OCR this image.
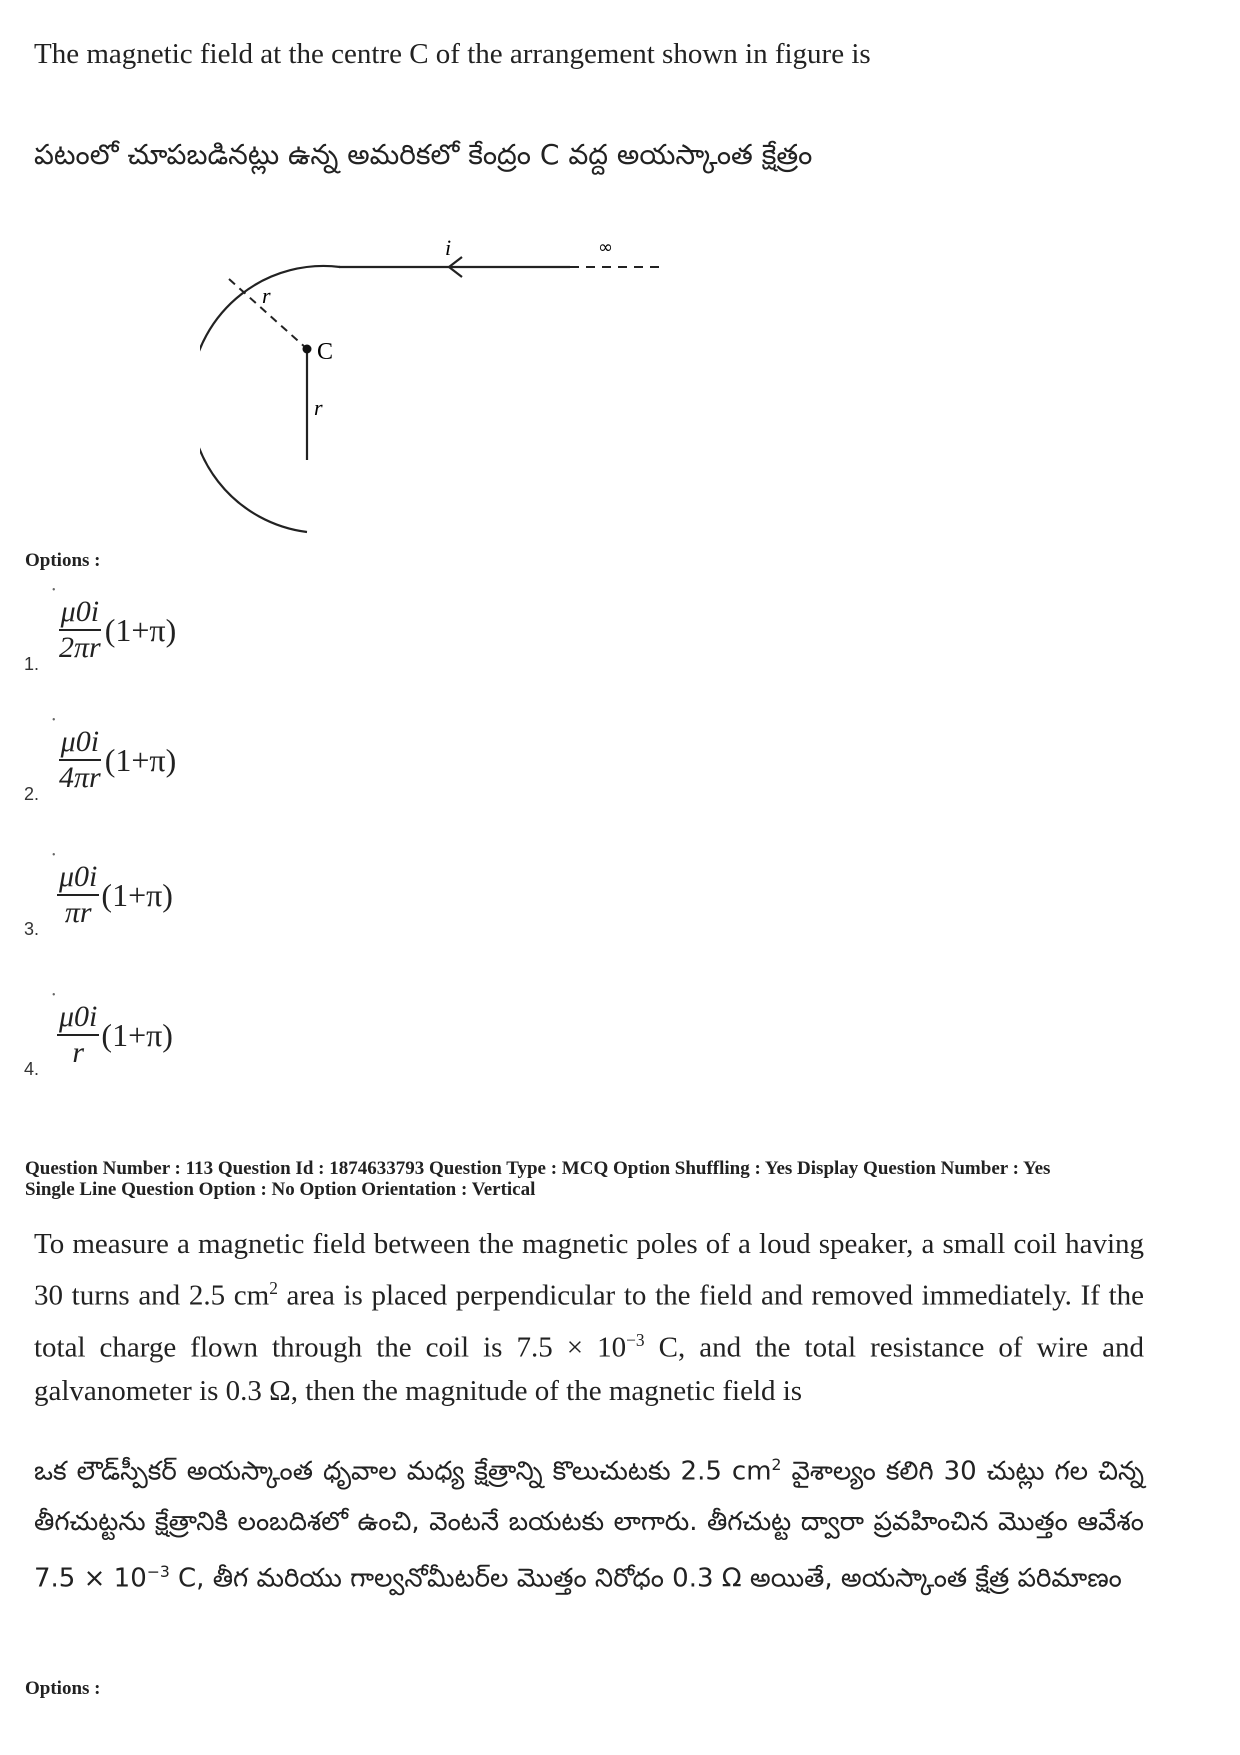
The magnetic field at the centre C of the arrangement shown in figure is
పటంలో చూపబడినట్లు ఉన్న అమరికలో కేంద్రం C వద్ద అయస్కాంత క్షేత్రం
i	∞
r
C
r
Options :
•
1. $\frac{\mu 0i}{2\pi r} (1+\pi)$
•
2. $\frac{\mu 0i}{4\pi r} (1+\pi)$
•
3. $\frac{\mu 0i}{\pi r} (1+\pi)$
•
4. $\frac{\mu 0i}{r} (1+\pi)$
Question Number : 113 Question Id : 1874633793 Question Type : MCQ Option Shuffling : Yes Display Question Number : Yes
Single Line Question Option : No Option Orientation : Vertical
To measure a magnetic field between the magnetic poles of a loud speaker, a small coil having 30 turns and 2.5 $cm^2$ area is placed perpendicular to the field and removed immediately. If the total charge flown through the coil is $7.5 \times 10^{-3}$ C, and the total resistance of wire and galvanometer is 0.3 Ω, then the magnitude of the magnetic field is
ఒక లౌడ్‌స్పీకర్ అయస్కాంత ధృవాల మధ్య క్షేత్రాన్ని కొలుచుటకు 2.5 $cm^2$ వైశాల్యం కలిగి 30 చుట్లు గల చిన్న తీగచుట్టను క్షేత్రానికి లంబదిశలో ఉంచి, వెంటనే బయటకు లాగారు. తీగచుట్ట ద్వారా ప్రవహించిన మొత్తం ఆవేశం $7.5 \times 10^{-3}$ C, తీగ మరియు గాల్వనోమీటర్‌ల మొత్తం నిరోధం 0.3 Ω అయితే, అయస్కాంత క్షేత్ర పరిమాణం
Options :
